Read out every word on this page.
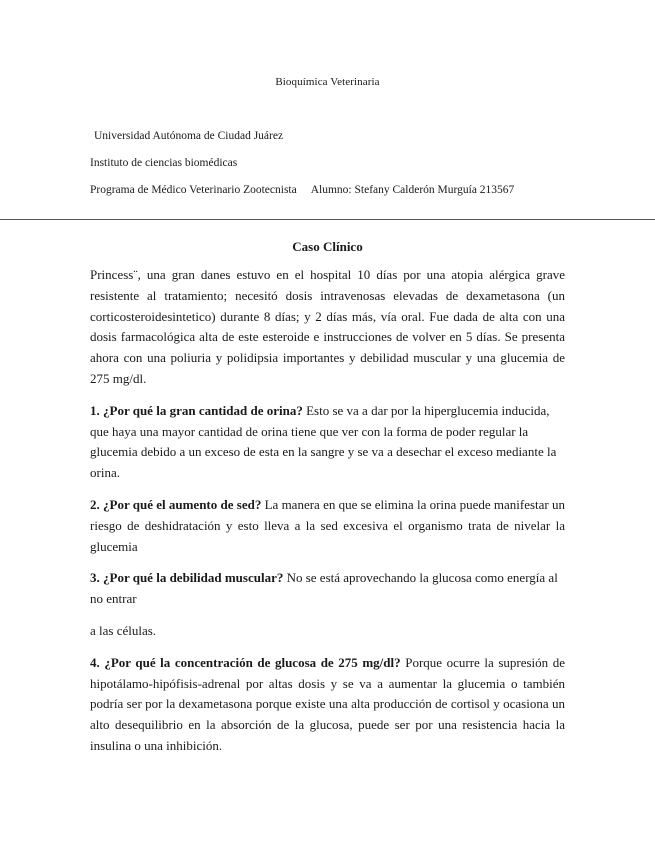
Bioquímica Veterinaria
Universidad Autónoma de Ciudad Juárez
Instituto de ciencias biomédicas
Programa de Médico Veterinario Zootecnista Alumno: Stefany Calderón Murguía 213567
Caso Clínico

Princess¨, una gran danes estuvo en el hospital 10 días por una atopia alérgica grave resistente al tratamiento; necesitó dosis intravenosas elevadas de dexametasona (un corticosteroidesintetico) durante 8 días; y 2 días más, vía oral. Fue dada de alta con una dosis farmacológica alta de este esteroide e instrucciones de volver en 5 días. Se presenta ahora con una poliuria y polidipsia importantes y debilidad muscular y una glucemia de 275 mg/dl.

1. ¿Por qué la gran cantidad de orina? Esto se va a dar por la hiperglucemia inducida, que haya una mayor cantidad de orina tiene que ver con la forma de poder regular la glucemia debido a un exceso de esta en la sangre y se va a desechar el exceso mediante la orina.

2. ¿Por qué el aumento de sed? La manera en que se elimina la orina puede manifestar un riesgo de deshidratación y esto lleva a la sed excesiva el organismo trata de nivelar la glucemia

3. ¿Por qué la debilidad muscular? No se está aprovechando la glucosa como energía al no entrar

a las células.

4. ¿Por qué la concentración de glucosa de 275 mg/dl? Porque ocurre la supresión de hipotálamo-hipófisis-adrenal por altas dosis y se va a aumentar la glucemia o también podría ser por la dexametasona porque existe una alta producción de cortisol y ocasiona un alto desequilibrio en la absorción de la glucosa, puede ser por una resistencia hacia la insulina o una inhibición.
